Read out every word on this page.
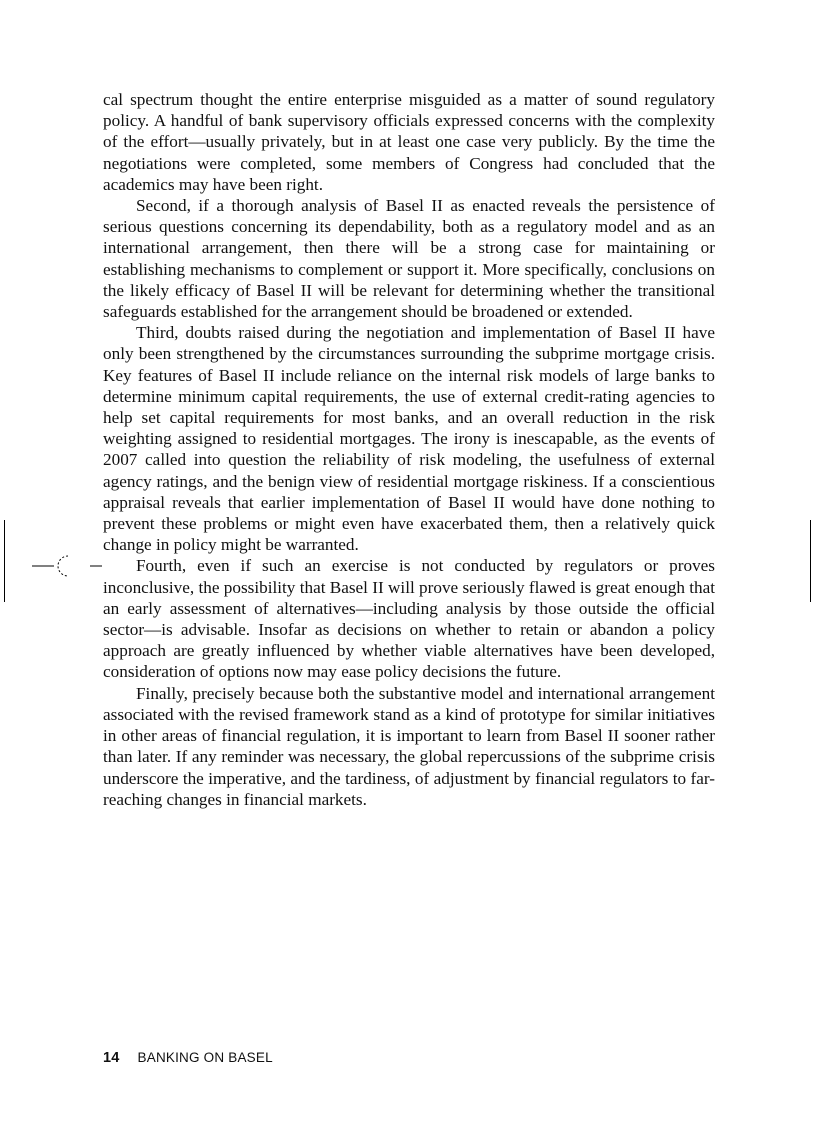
cal spectrum thought the entire enterprise misguided as a matter of sound regulatory policy. A handful of bank supervisory officials expressed concerns with the complexity of the effort—usually privately, but in at least one case very publicly. By the time the negotiations were completed, some members of Congress had concluded that the academics may have been right.

Second, if a thorough analysis of Basel II as enacted reveals the persistence of serious questions concerning its dependability, both as a regulatory model and as an international arrangement, then there will be a strong case for maintaining or establishing mechanisms to complement or support it. More specifically, conclusions on the likely efficacy of Basel II will be relevant for determining whether the transitional safeguards established for the arrangement should be broadened or extended.

Third, doubts raised during the negotiation and implementation of Basel II have only been strengthened by the circumstances surrounding the subprime mortgage crisis. Key features of Basel II include reliance on the internal risk models of large banks to determine minimum capital requirements, the use of external credit-rating agencies to help set capital requirements for most banks, and an overall reduction in the risk weighting assigned to residential mortgages. The irony is inescapable, as the events of 2007 called into question the reliability of risk modeling, the usefulness of external agency ratings, and the benign view of residential mortgage riskiness. If a conscientious appraisal reveals that earlier implementation of Basel II would have done nothing to prevent these problems or might even have exacerbated them, then a relatively quick change in policy might be warranted.

Fourth, even if such an exercise is not conducted by regulators or proves inconclusive, the possibility that Basel II will prove seriously flawed is great enough that an early assessment of alternatives—including analysis by those outside the official sector—is advisable. Insofar as decisions on whether to retain or abandon a policy approach are greatly influenced by whether viable alternatives have been developed, consideration of options now may ease policy decisions the future.

Finally, precisely because both the substantive model and international arrangement associated with the revised framework stand as a kind of prototype for similar initiatives in other areas of financial regulation, it is important to learn from Basel II sooner rather than later. If any reminder was necessary, the global repercussions of the subprime crisis underscore the imperative, and the tardiness, of adjustment by financial regulators to far-reaching changes in financial markets.

14 BANKING ON BASEL
